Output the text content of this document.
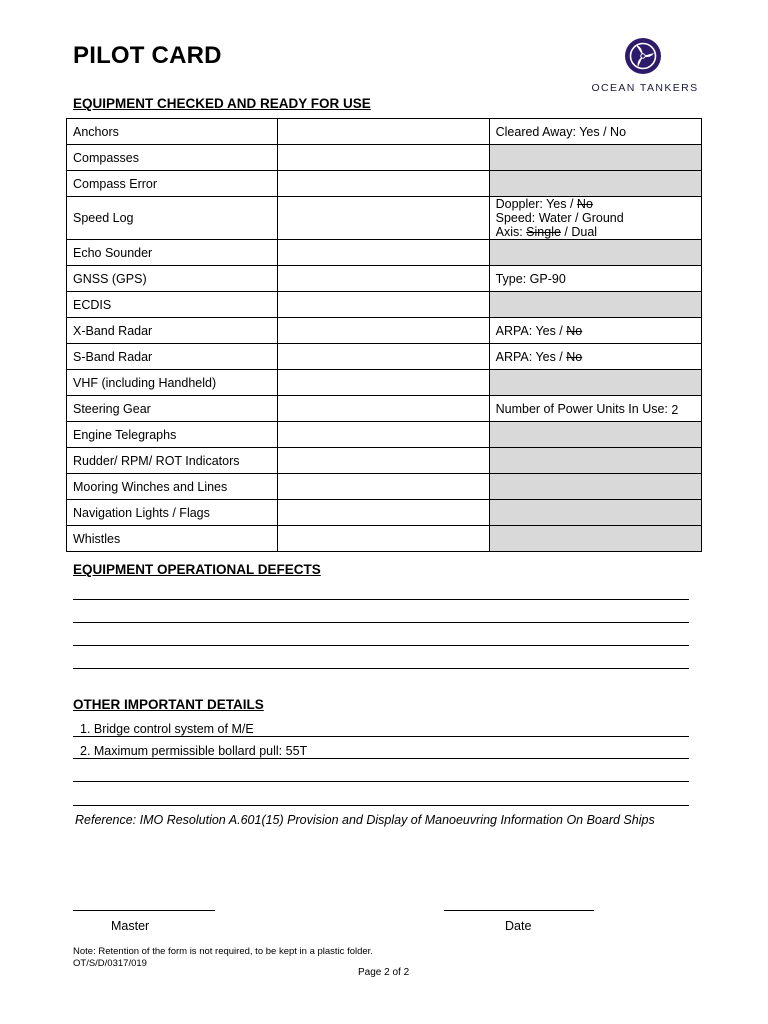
PILOT CARD
OCEAN TANKERS
EQUIPMENT CHECKED AND READY FOR USE
Anchors		Cleared Away: Yes / No
Compasses		
Compass Error		
Speed Log		Doppler: Yes / No
Speed: Water / Ground
Axis: Single / Dual

Echo Sounder		
GNSS (GPS)		Type: GP-90
ECDIS		
X-Band Radar		ARPA: Yes / No
S-Band Radar		ARPA: Yes / No
VHF (including Handheld)		
Steering Gear		Number of Power Units In Use: 2
Engine Telegraphs		
Rudder/ RPM/ ROT Indicators		
Mooring Winches and Lines		
Navigation Lights / Flags		
Whistles		
EQUIPMENT OPERATIONAL DEFECTS
OTHER IMPORTANT DETAILS
1. Bridge control system of M/E
2. Maximum permissible bollard pull: 55T
Reference: IMO Resolution A.601(15) Provision and Display of Manoeuvring Information On Board Ships
Master	Date
Note: Retention of the form is not required, to be kept in a plastic folder.
OT/S/D/0317/019
Page 2 of 2
